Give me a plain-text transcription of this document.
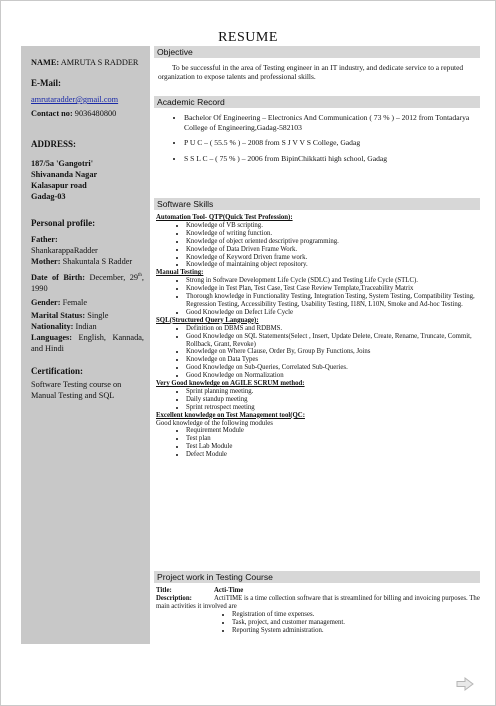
RESUME
NAME: AMRUTA S RADDER
E-Mail:
amrutaradder@gmail.com
Contact no: 9036480800
ADDRESS:
187/5a 'Gangotri'
Shivananda Nagar
Kalasapur road
Gadag-03
Personal profile:
Father:
ShankarappaRadder
Mother: Shakuntala S Radder
Date of Birth: December, 29th, 1990
Gender: Female
Marital Status: Single
Nationality: Indian
Languages: English, Kannada, and Hindi
Certification:
Software Testing course on Manual Testing and SQL
Objective
To be successful in the area of Testing engineer in an IT industry, and dedicate service to a reputed organization to expose talents and professional skills.
Academic Record
• Bachelor Of Engineering – Electronics And Communication ( 73 % ) – 2012 from Tontadarya College of Engineering,Gadag-582103
• P U C – ( 55.5 % ) – 2008 from S J V V S College, Gadag
• S S L C – ( 75 % ) – 2006 from BipinChikkatti high school, Gadag
Software Skills
Automation Tool- QTP(Quick Test Profession):
• Knowledge of VB scripting.
• Knowledge of writing function.
• Knowledge of object oriented descriptive programming.
• Knowledge of Data Driven Frame Work.
• Knowledge of Keyword Driven frame work.
• Knowledge of maintaining object repository.
Manual Testing:
• Strong in Software Development Life Cycle (SDLC) and Testing Life Cycle (STLC).
• Knowledge in Test Plan, Test Case, Test Case Review Template,Traceability Matrix
• Thorough knowledge in Functionality Testing, Integration Testing, System Testing, Compatibility Testing, Regression Testing, Accessibility Testing, Usability Testing, I18N, L10N, Smoke and Ad-hoc Testing.
• Good Knowledge on Defect Life Cycle
SQL(Structured Query Language):
• Definition on DBMS and RDBMS.
• Good Knowledge on SQL Statements(Select , Insert, Update Delete, Create, Rename, Truncate, Commit, Rollback, Grant, Revoke)
• Knowledge on Where Clause, Order By, Group By Functions, Joins
• Knowledge on Data Types
• Good Knowledge on Sub-Queries, Correlated Sub-Queries.
• Good Knowledge on Normalization
Very Good knowledge on AGILE SCRUM method:
• Sprint planning meeting.
• Daily standup meeting
• Sprint retrospect meeting
Excellent knowledge on Test Management tool(QC:
Good knowledge of the following modules
• Requirement Module
• Test plan
• Test Lab Module
• Defect Module
Project work in Testing Course
Title:	Acti-Time
Description:	ActiTIME is a time collection software that is streamlined for billing and invoicing purposes. The main activities it involved are
• Registration of time expenses.
• Task, project, and customer management.
• Reporting System administration.
